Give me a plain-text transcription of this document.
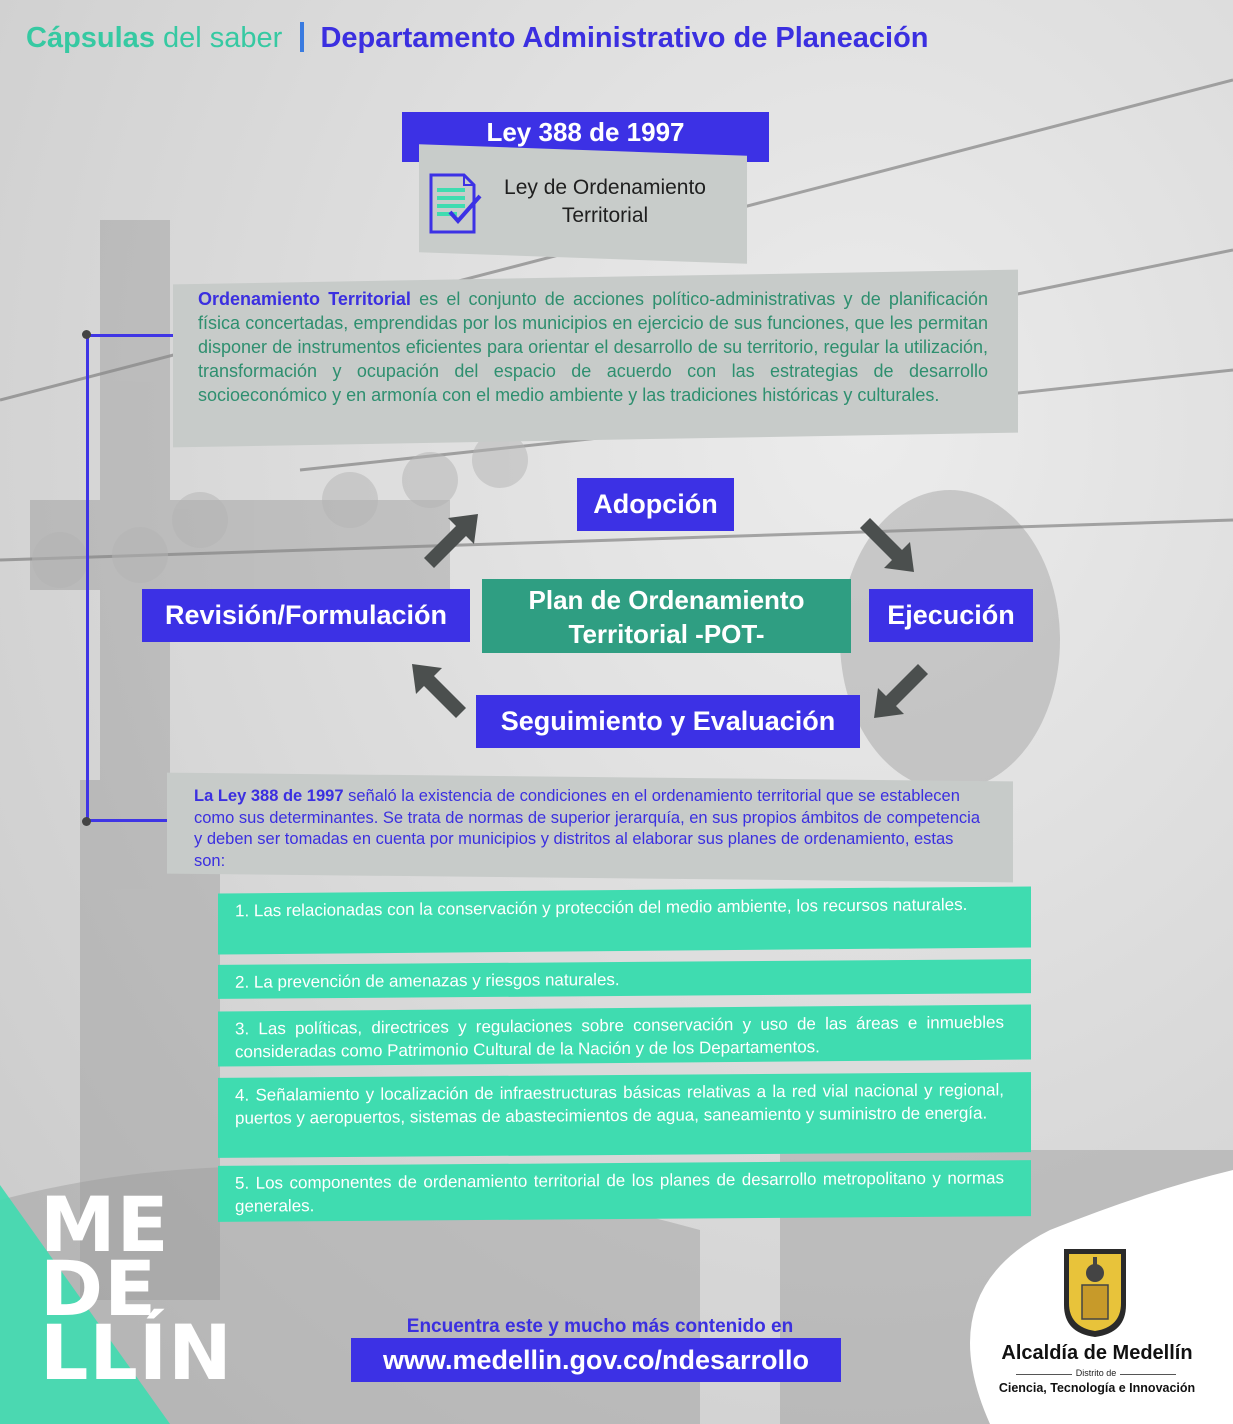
Cápsulas del saber Departamento Administrativo de Planeación
Ley 388 de 1997
Ley de Ordenamiento Territorial
Ordenamiento Territorial es el conjunto de acciones político-administrativas y de planificación física concertadas, emprendidas por los municipios en ejercicio de sus funciones, que les permitan disponer de instrumentos eficientes para orientar el desarrollo de su territorio, regular la utilización, transformación y ocupación del espacio de acuerdo con las estrategias de desarrollo socioeconómico y en armonía con el medio ambiente y las tradiciones históricas y culturales.
Adopción
Revisión/Formulación	Ejecución
Seguimiento y Evaluación
Plan de Ordenamiento Territorial -POT-
La Ley 388 de 1997 señaló la existencia de condiciones en el ordenamiento territorial que se establecen como sus determinantes. Se trata de normas de superior jerarquía, en sus propios ámbitos de competencia y deben ser tomadas en cuenta por municipios y distritos al elaborar sus planes de ordenamiento, estas son:
1. Las relacionadas con la conservación y protección del medio ambiente, los recursos naturales.
2. La prevención de amenazas y riesgos naturales.
3. Las políticas, directrices y regulaciones sobre conservación y uso de las áreas e inmuebles consideradas como Patrimonio Cultural de la Nación y de los Departamentos.
4. Señalamiento y localización de infraestructuras básicas relativas a la red vial nacional y regional, puertos y aeropuertos, sistemas de abastecimientos de agua, saneamiento y suministro de energía.
5. Los componentes de ordenamiento territorial de los planes de desarrollo metropolitano y normas generales.
ME
DE
LLÍN	Encuentra este y mucho más contenido en
www.medellin.gov.co/ndesarrollo	Alcaldía de Medellín
Distrito de
Ciencia, Tecnología e Innovación
